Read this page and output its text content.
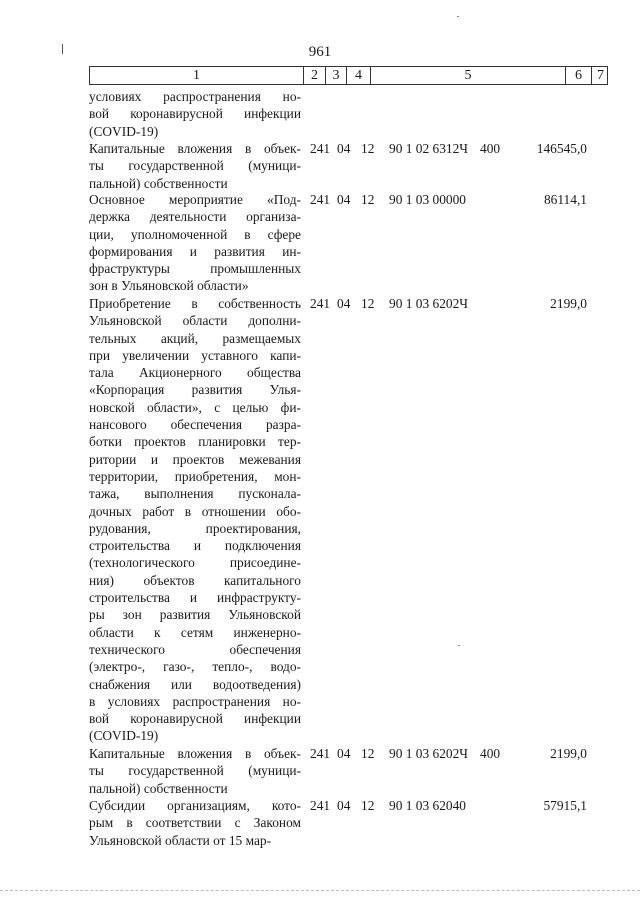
961
1	2	3	4	5	6	7
условиях распространения но-
вой коронавирусной инфекции
(COVID-19)
Капитальные вложения в объек-
ты государственной (муници-
пальной) собственности
241 04 12 90 1 02 6312Ч 400	146545,0
Основное мероприятие «Под-
держка деятельности организа-
ции, уполномоченной в сфере
формирования и развития ин-
фраструктуры промышленных
зон в Ульяновской области»
241 04 12 90 1 03 00000	86114,1
Приобретение в собственность
Ульяновской области дополни-
тельных акций, размещаемых
при увеличении уставного капи-
тала Акционерного общества
«Корпорация развития Улья-
новской области», с целью фи-
нансового обеспечения разра-
ботки проектов планировки тер-
ритории и проектов межевания
территории, приобретения, мон-
тажа, выполнения пусконала-
дочных работ в отношении обо-
рудования, проектирования,
строительства и подключения
(технологического присоедине-
ния) объектов капитального
строительства и инфраструкту-
ры зон развития Ульяновской
области к сетям инженерно-
технического обеспечения
(электро-, газо-, тепло-, водо-
снабжения или водоотведения)
в условиях распространения но-
вой коронавирусной инфекции
(COVID-19)
241 04 12 90 1 03 6202Ч	2199,0
Капитальные вложения в объек-
ты государственной (муници-
пальной) собственности
241 04 12 90 1 03 6202Ч 400	2199,0
Субсидии организациям, кото-
рым в соответствии с Законом
Ульяновской области от 15 мар-
241 04 12 90 1 03 62040	57915,1
